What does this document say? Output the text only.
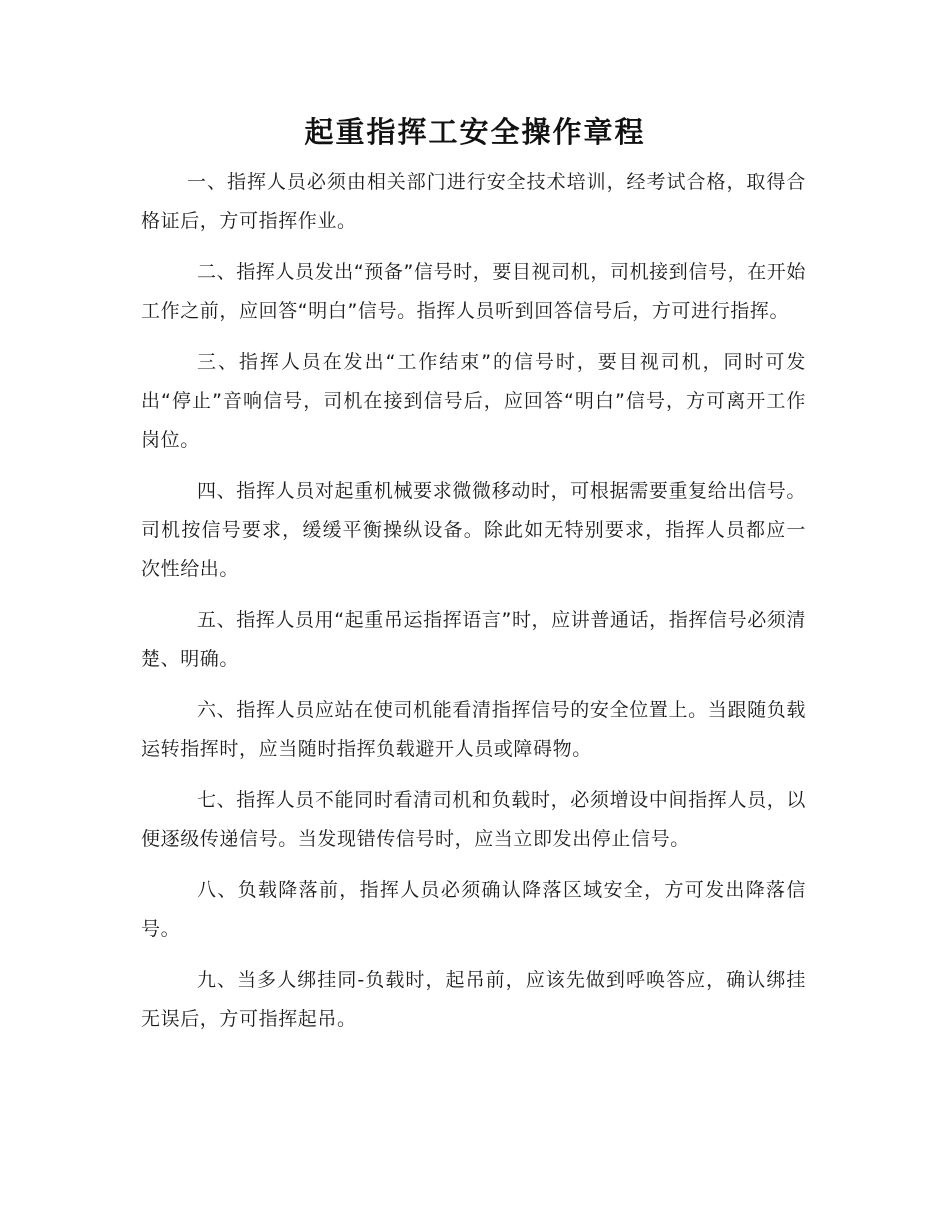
起重指挥工安全操作章程

一、指挥人员必须由相关部门进行安全技术培训，经考试合格，取得合格证后，方可指挥作业。

二、指挥人员发出“预备”信号时，要目视司机，司机接到信号，在开始工作之前，应回答“明白”信号。指挥人员听到回答信号后，方可进行指挥。

三、指挥人员在发出“工作结束”的信号时，要目视司机，同时可发出“停止”音响信号，司机在接到信号后，应回答“明白”信号，方可离开工作岗位。

四、指挥人员对起重机械要求微微移动时，可根据需要重复给出信号。司机按信号要求，缓缓平衡操纵设备。除此如无特别要求，指挥人员都应一次性给出。

五、指挥人员用“起重吊运指挥语言”时，应讲普通话，指挥信号必须清楚、明确。

六、指挥人员应站在使司机能看清指挥信号的安全位置上。当跟随负载运转指挥时，应当随时指挥负载避开人员或障碍物。

七、指挥人员不能同时看清司机和负载时，必须增设中间指挥人员，以便逐级传递信号。当发现错传信号时，应当立即发出停止信号。

八、负载降落前，指挥人员必须确认降落区域安全，方可发出降落信号。

九、当多人绑挂同-负载时，起吊前，应该先做到呼唤答应，确认绑挂无误后，方可指挥起吊。
